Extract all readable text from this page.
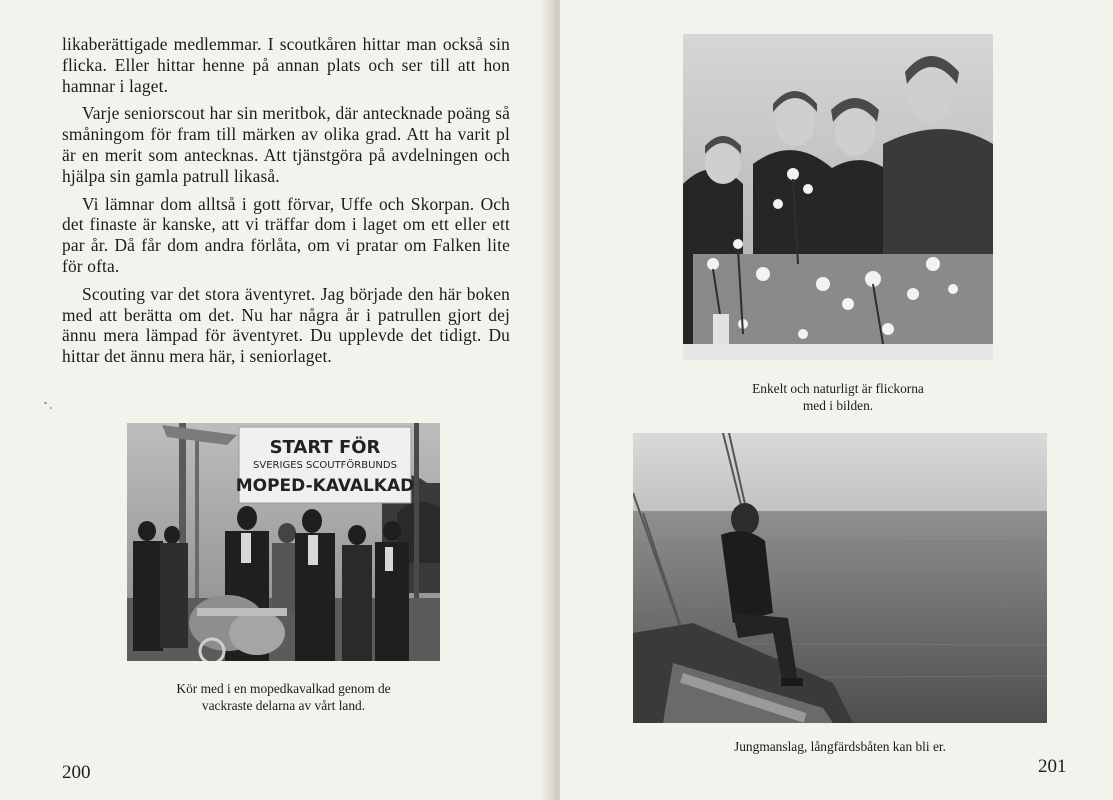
likaberättigade medlemmar. I scoutkåren hittar man också sin flicka. Eller hittar henne på annan plats och ser till att hon hamnar i laget.

Varje seniorscout har sin meritbok, där antecknade poäng så småningom för fram till märken av olika grad. Att ha varit pl är en merit som antecknas. Att tjänstgöra på avdelningen och hjälpa sin gamla patrull likaså.

Vi lämnar dom alltså i gott förvar, Uffe och Skorpan. Och det finaste är kanske, att vi träffar dom i laget om ett eller ett par år. Då får dom andra förlåta, om vi pratar om Falken lite för ofta.

Scouting var det stora äventyret. Jag började den här boken med att berätta om det. Nu har några år i patrullen gjort dej ännu mera lämpad för äventyret. Du upplevde det tidigt. Du hittar det ännu mera här, i seniorlaget.

START FÖR
SVERIGES SCOUTFÖRBUNDS
MOPED-KAVALKAD
Kör med i en mopedkavalkad genom de
vackraste delarna av vårt land.
200
Enkelt och naturligt är flickorna
med i bilden.
Jungmanslag, långfärdsbåten kan bli er.
201
